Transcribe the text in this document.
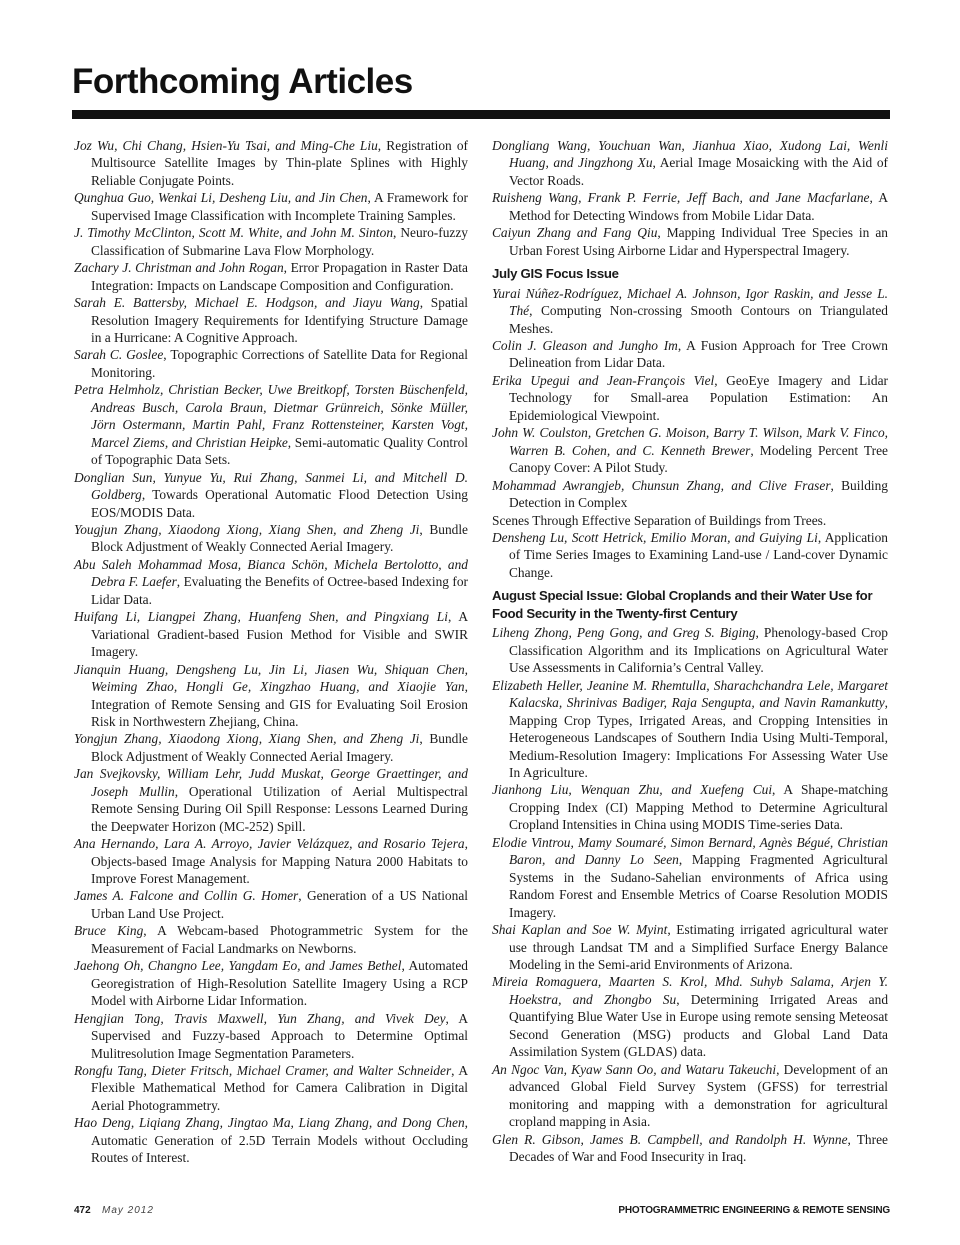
Forthcoming Articles

Joz Wu, Chi Chang, Hsien-Yu Tsai, and Ming-Che Liu, Registration of Multisource Satellite Images by Thin-plate Splines with Highly Reliable Conjugate Points.

Qunghua Guo, Wenkai Li, Desheng Liu, and Jin Chen, A Framework for Supervised Image Classification with Incomplete Training Samples.

J. Timothy McClinton, Scott M. White, and John M. Sinton, Neuro-fuzzy Classification of Submarine Lava Flow Morphology.

Zachary J. Christman and John Rogan, Error Propagation in Raster Data Integration: Impacts on Landscape Composition and Configuration.

Sarah E. Battersby, Michael E. Hodgson, and Jiayu Wang, Spatial Resolution Imagery Requirements for Identifying Structure Damage in a Hurricane: A Cognitive Approach.

Sarah C. Goslee, Topographic Corrections of Satellite Data for Regional Monitoring.

Petra Helmholz, Christian Becker, Uwe Breitkopf, Torsten Büschenfeld, Andreas Busch, Carola Braun, Dietmar Grünreich, Sönke Müller, Jörn Ostermann, Martin Pahl, Franz Rottensteiner, Karsten Vogt, Marcel Ziems, and Christian Heipke, Semi-automatic Quality Control of Topographic Data Sets.

Donglian Sun, Yunyue Yu, Rui Zhang, Sanmei Li, and Mitchell D. Goldberg, Towards Operational Automatic Flood Detection Using EOS/MODIS Data.

Yougjun Zhang, Xiaodong Xiong, Xiang Shen, and Zheng Ji, Bundle Block Adjustment of Weakly Connected Aerial Imagery.

Abu Saleh Mohammad Mosa, Bianca Schön, Michela Bertolotto, and Debra F. Laefer, Evaluating the Benefits of Octree-based Indexing for Lidar Data.

Huifang Li, Liangpei Zhang, Huanfeng Shen, and Pingxiang Li, A Variational Gradient-based Fusion Method for Visible and SWIR Imagery.

Jianquin Huang, Dengsheng Lu, Jin Li, Jiasen Wu, Shiquan Chen, Weiming Zhao, Hongli Ge, Xingzhao Huang, and Xiaojie Yan, Integration of Remote Sensing and GIS for Evaluating Soil Erosion Risk in Northwestern Zhejiang, China.

Yongjun Zhang, Xiaodong Xiong, Xiang Shen, and Zheng Ji, Bundle Block Adjustment of Weakly Connected Aerial Imagery.

Jan Svejkovsky, William Lehr, Judd Muskat, George Graettinger, and Joseph Mullin, Operational Utilization of Aerial Multispectral Remote Sensing During Oil Spill Response: Lessons Learned During the Deepwater Horizon (MC-252) Spill.

Ana Hernando, Lara A. Arroyo, Javier Velázquez, and Rosario Tejera, Objects-based Image Analysis for Mapping Natura 2000 Habitats to Improve Forest Management.

James A. Falcone and Collin G. Homer, Generation of a US National Urban Land Use Project.

Bruce King, A Webcam-based Photogrammetric System for the Measurement of Facial Landmarks on Newborns.

Jaehong Oh, Changno Lee, Yangdam Eo, and James Bethel, Automated Georegistration of High-Resolution Satellite Imagery Using a RCP Model with Airborne Lidar Information.

Hengjian Tong, Travis Maxwell, Yun Zhang, and Vivek Dey, A Supervised and Fuzzy-based Approach to Determine Optimal Mulitresolution Image Segmentation Parameters.

Rongfu Tang, Dieter Fritsch, Michael Cramer, and Walter Schneider, A Flexible Mathematical Method for Camera Calibration in Digital Aerial Photogrammetry.

Hao Deng, Liqiang Zhang, Jingtao Ma, Liang Zhang, and Dong Chen, Automatic Generation of 2.5D Terrain Models without Occluding Routes of Interest.

Dongliang Wang, Youchuan Wan, Jianhua Xiao, Xudong Lai, Wenli Huang, and Jingzhong Xu, Aerial Image Mosaicking with the Aid of Vector Roads.

Ruisheng Wang, Frank P. Ferrie, Jeff Bach, and Jane Macfarlane, A Method for Detecting Windows from Mobile Lidar Data.

Caiyun Zhang and Fang Qiu, Mapping Individual Tree Species in an Urban Forest Using Airborne Lidar and Hyperspectral Imagery.

July GIS Focus Issue

Yurai Núñez-Rodríguez, Michael A. Johnson, Igor Raskin, and Jesse L. Thé, Computing Non-crossing Smooth Contours on Triangulated Meshes.

Colin J. Gleason and Jungho Im, A Fusion Approach for Tree Crown Delineation from Lidar Data.

Erika Upegui and Jean-François Viel, GeoEye Imagery and Lidar Technology for Small-area Population Estimation: An Epidemiological Viewpoint.

John W. Coulston, Gretchen G. Moison, Barry T. Wilson, Mark V. Finco, Warren B. Cohen, and C. Kenneth Brewer, Modeling Percent Tree Canopy Cover: A Pilot Study.

Mohammad Awrangjeb, Chunsun Zhang, and Clive Fraser, Building Detection in Complex

Scenes Through Effective Separation of Buildings from Trees.

Densheng Lu, Scott Hetrick, Emilio Moran, and Guiying Li, Application of Time Series Images to Examining Land-use / Land-cover Dynamic Change.

August Special Issue: Global Croplands and their Water Use for Food Security in the Twenty-first Century

Liheng Zhong, Peng Gong, and Greg S. Biging, Phenology-based Crop Classification Algorithm and its Implications on Agricultural Water Use Assessments in California’s Central Valley.

Elizabeth Heller, Jeanine M. Rhemtulla, Sharachchandra Lele, Margaret Kalacska, Shrinivas Badiger, Raja Sengupta, and Navin Ramankutty, Mapping Crop Types, Irrigated Areas, and Cropping Intensities in Heterogeneous Landscapes of Southern India Using Multi-Temporal, Medium-Resolution Imagery: Implications For Assessing Water Use In Agriculture.

Jianhong Liu, Wenquan Zhu, and Xuefeng Cui, A Shape-matching Cropping Index (CI) Mapping Method to Determine Agricultural Cropland Intensities in China using MODIS Time-series Data.

Elodie Vintrou, Mamy Soumaré, Simon Bernard, Agnès Bégué, Christian Baron, and Danny Lo Seen, Mapping Fragmented Agricultural Systems in the Sudano-Sahelian environments of Africa using Random Forest and Ensemble Metrics of Coarse Resolution MODIS Imagery.

Shai Kaplan and Soe W. Myint, Estimating irrigated agricultural water use through Landsat TM and a Simplified Surface Energy Balance Modeling in the Semi-arid Environments of Arizona.

Mireia Romaguera, Maarten S. Krol, Mhd. Suhyb Salama, Arjen Y. Hoekstra, and Zhongbo Su, Determining Irrigated Areas and Quantifying Blue Water Use in Europe using remote sensing Meteosat Second Generation (MSG) products and Global Land Data Assimilation System (GLDAS) data.

An Ngoc Van, Kyaw Sann Oo, and Wataru Takeuchi, Development of an advanced Global Field Survey System (GFSS) for terrestrial monitoring and mapping with a demonstration for agricultural cropland mapping in Asia.

Glen R. Gibson, James B. Campbell, and Randolph H. Wynne, Three Decades of War and Food Insecurity in Iraq.

472 May 2012	PHOTOGRAMMETRIC ENGINEERING & REMOTE SENSING
